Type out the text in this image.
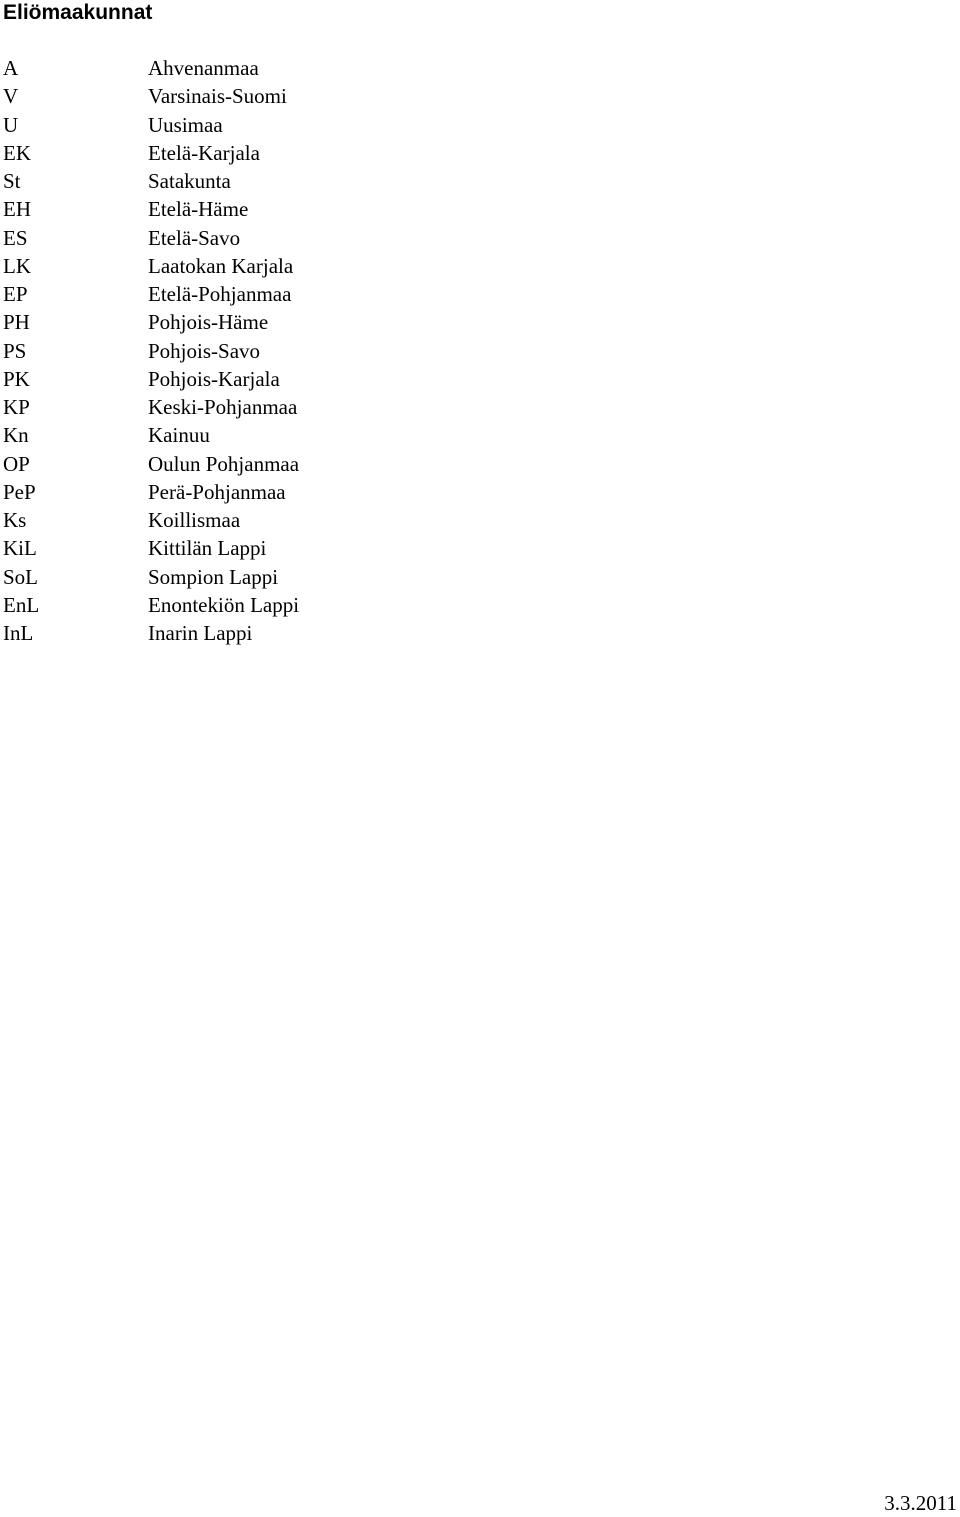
Eliömaakunnat
A	Ahvenanmaa
V	Varsinais-Suomi
U	Uusimaa
EK	Etelä-Karjala
St	Satakunta
EH	Etelä-Häme
ES	Etelä-Savo
LK	Laatokan Karjala
EP	Etelä-Pohjanmaa
PH	Pohjois-Häme
PS	Pohjois-Savo
PK	Pohjois-Karjala
KP	Keski-Pohjanmaa
Kn	Kainuu
OP	Oulun Pohjanmaa
PeP	Perä-Pohjanmaa
Ks	Koillismaa
KiL	Kittilän Lappi
SoL	Sompion Lappi
EnL	Enontekiön Lappi
InL	Inarin Lappi
3.3.2011
